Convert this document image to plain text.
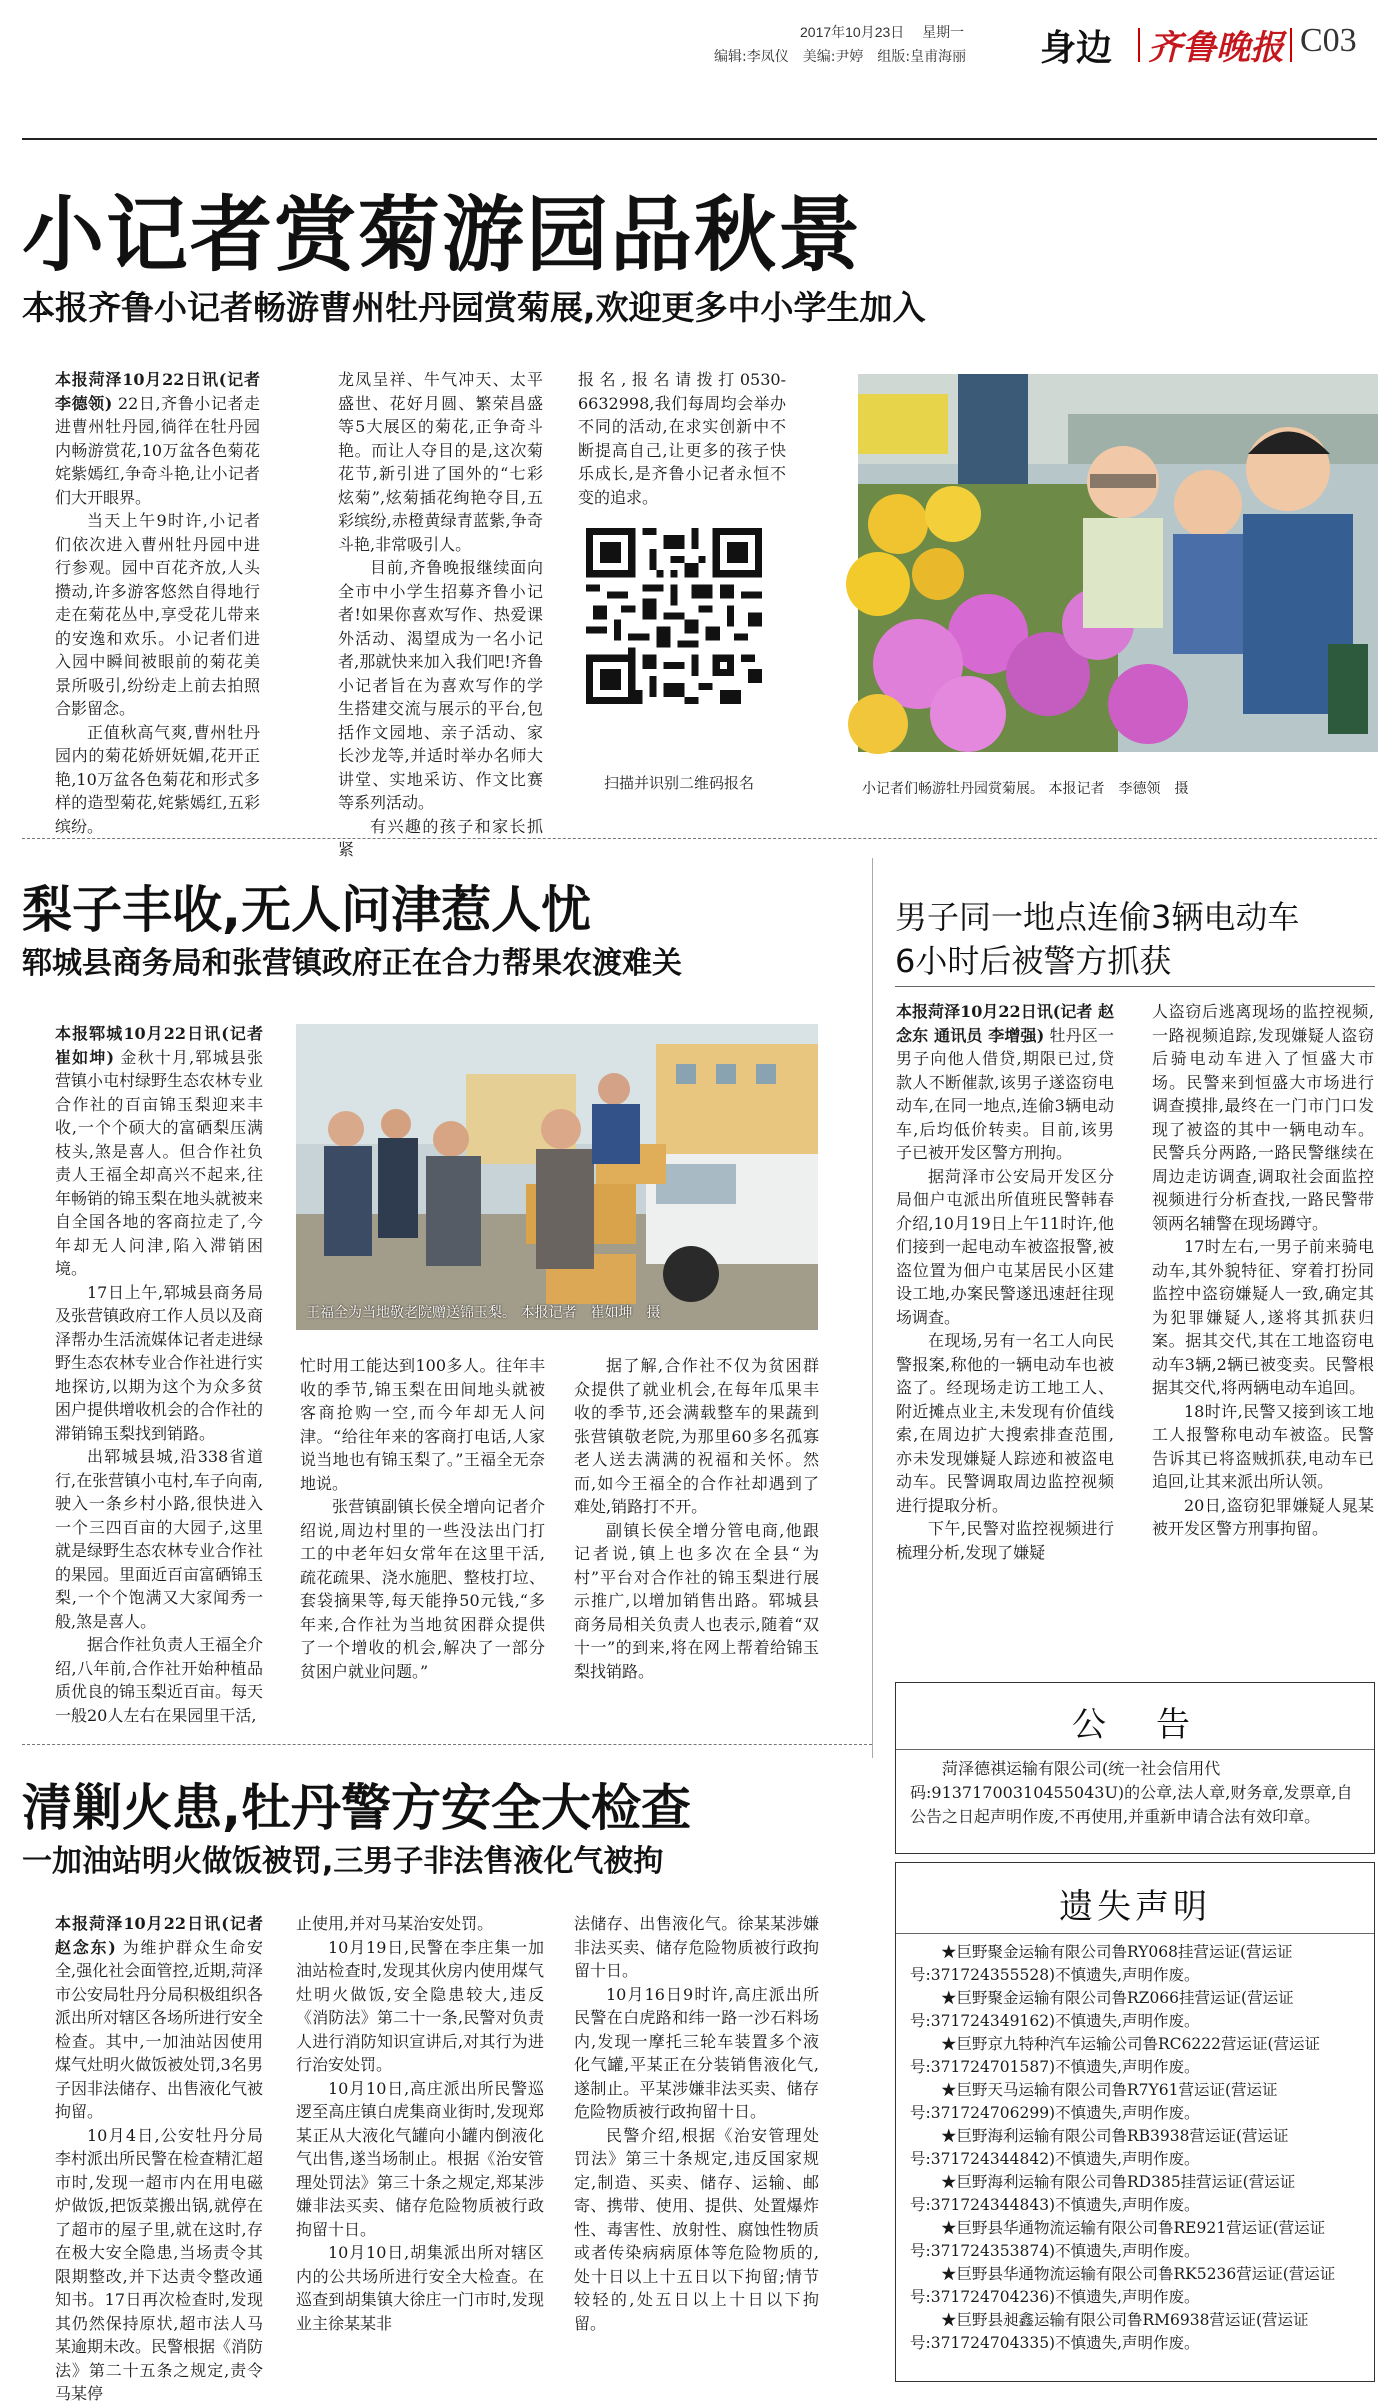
2017年10月23日 星期一
编辑:李凤仪　美编:尹婷　组版:皇甫海丽 身边 齐鲁晚报 C03
小记者赏菊游园品秋景
本报齐鲁小记者畅游曹州牡丹园赏菊展,欢迎更多中小学生加入

本报菏泽10月22日讯(记者 李德领) 22日,齐鲁小记者走进曹州牡丹园,徜徉在牡丹园内畅游赏花,10万盆各色菊花姹紫嫣红,争奇斗艳,让小记者们大开眼界。

当天上午9时许,小记者们依次进入曹州牡丹园中进行参观。园中百花齐放,人头攒动,许多游客悠然自得地行走在菊花丛中,享受花儿带来的安逸和欢乐。小记者们进入园中瞬间被眼前的菊花美景所吸引,纷纷走上前去拍照合影留念。

正值秋高气爽,曹州牡丹园内的菊花娇妍妩媚,花开正艳,10万盆各色菊花和形式多样的造型菊花,姹紫嫣红,五彩缤纷。

龙凤呈祥、牛气冲天、太平盛世、花好月圆、繁荣昌盛等5大展区的菊花,正争奇斗艳。而让人夺目的是,这次菊花节,新引进了国外的“七彩炫菊”,炫菊插花绚艳夺目,五彩缤纷,赤橙黄绿青蓝紫,争奇斗艳,非常吸引人。

目前,齐鲁晚报继续面向全市中小学生招募齐鲁小记者!如果你喜欢写作、热爱课外活动、渴望成为一名小记者,那就快来加入我们吧!齐鲁小记者旨在为喜欢写作的学生搭建交流与展示的平台,包括作文园地、亲子活动、家长沙龙等,并适时举办名师大讲堂、实地采访、作文比赛等系列活动。

有兴趣的孩子和家长抓紧

报名,报名请拨打0530-6632998,我们每周均会举办不同的活动,在求实创新中不断提高自己,让更多的孩子快乐成长,是齐鲁小记者永恒不变的追求。

扫描并识别二维码报名	小记者们畅游牡丹园赏菊展。 本报记者　李德领　摄
梨子丰收,无人问津惹人忧
郓城县商务局和张营镇政府正在合力帮果农渡难关

本报郓城10月22日讯(记者 崔如坤) 金秋十月,郓城县张营镇小屯村绿野生态农林专业合作社的百亩锦玉梨迎来丰收,一个个硕大的富硒梨压满枝头,煞是喜人。但合作社负责人王福全却高兴不起来,往年畅销的锦玉梨在地头就被来自全国各地的客商拉走了,今年却无人问津,陷入滞销困境。

17日上午,郓城县商务局及张营镇政府工作人员以及商泽帮办生活流媒体记者走进绿野生态农林专业合作社进行实地探访,以期为这个为众多贫困户提供增收机会的合作社的滞销锦玉梨找到销路。

出郓城县城,沿338省道行,在张营镇小屯村,车子向南,驶入一条乡村小路,很快进入一个三四百亩的大园子,这里就是绿野生态农林专业合作社的果园。里面近百亩富硒锦玉梨,一个个饱满又大家闻秀一般,煞是喜人。

据合作社负责人王福全介绍,八年前,合作社开始种植品质优良的锦玉梨近百亩。每天一般20人左右在果园里干活,

王福全为当地敬老院赠送锦玉梨。 本报记者　崔如坤　摄

忙时用工能达到100多人。往年丰收的季节,锦玉梨在田间地头就被客商抢购一空,而今年却无人问津。“给往年来的客商打电话,人家说当地也有锦玉梨了。”王福全无奈地说。

张营镇副镇长侯全增向记者介绍说,周边村里的一些没法出门打工的中老年妇女常年在这里干活,疏花疏果、浇水施肥、整枝打垃、套袋摘果等,每天能挣50元钱,“多年来,合作社为当地贫困群众提供了一个增收的机会,解决了一部分贫困户就业问题。”

据了解,合作社不仅为贫困群众提供了就业机会,在每年瓜果丰收的季节,还会满载整车的果蔬到张营镇敬老院,为那里60多名孤寡老人送去满满的祝福和关怀。然而,如今王福全的合作社却遇到了难处,销路打不开。

副镇长侯全增分管电商,他跟记者说,镇上也多次在全县“为村”平台对合作社的锦玉梨进行展示推广,以增加销售出路。郓城县商务局相关负责人也表示,随着“双十一”的到来,将在网上帮着给锦玉梨找销路。

男子同一地点连偷3辆电动车
6小时后被警方抓获

本报菏泽10月22日讯(记者 赵念东 通讯员 李增强) 牡丹区一男子向他人借贷,期限已过,贷款人不断催款,该男子遂盗窃电动车,在同一地点,连偷3辆电动车,后均低价转卖。目前,该男子已被开发区警方刑拘。

据菏泽市公安局开发区分局佃户屯派出所值班民警韩春介绍,10月19日上午11时许,他们接到一起电动车被盗报警,被盗位置为佃户屯某居民小区建设工地,办案民警遂迅速赶往现场调查。

在现场,另有一名工人向民警报案,称他的一辆电动车也被盗了。经现场走访工地工人、附近摊点业主,未发现有价值线索,在周边扩大搜索排查范围,亦未发现嫌疑人踪迹和被盗电动车。民警调取周边监控视频进行提取分析。

下午,民警对监控视频进行梳理分析,发现了嫌疑

人盗窃后逃离现场的监控视频,一路视频追踪,发现嫌疑人盗窃后骑电动车进入了恒盛大市场。民警来到恒盛大市场进行调查摸排,最终在一门市门口发现了被盗的其中一辆电动车。民警兵分两路,一路民警继续在周边走访调查,调取社会面监控视频进行分析查找,一路民警带领两名辅警在现场蹲守。

17时左右,一男子前来骑电动车,其外貌特征、穿着打扮同监控中盗窃嫌疑人一致,确定其为犯罪嫌疑人,遂将其抓获归案。据其交代,其在工地盗窃电动车3辆,2辆已被变卖。民警根据其交代,将两辆电动车追回。

18时许,民警又接到该工地工人报警称电动车被盗。民警告诉其已将盗贼抓获,电动车已追回,让其来派出所认领。

20日,盗窃犯罪嫌疑人晁某被开发区警方刑事拘留。

公　告
菏泽德祺运输有限公司(统一社会信用代码:91371700310455043U)的公章,法人章,财务章,发票章,自公告之日起声明作废,不再使用,并重新申请合法有效印章。
遗失声明
★巨野聚金运输有限公司鲁RY068挂营运证(营运证号:371724355528)不慎遗失,声明作废。
★巨野聚金运输有限公司鲁RZ066挂营运证(营运证号:371724349162)不慎遗失,声明作废。
★巨野京九特种汽车运输公司鲁RC6222营运证(营运证号:371724701587)不慎遗失,声明作废。
★巨野天马运输有限公司鲁R7Y61营运证(营运证号:371724706299)不慎遗失,声明作废。
★巨野海利运输有限公司鲁RB3938营运证(营运证号:371724344842)不慎遗失,声明作废。
★巨野海利运输有限公司鲁RD385挂营运证(营运证号:371724344843)不慎遗失,声明作废。
★巨野县华通物流运输有限公司鲁RE921营运证(营运证号:371724353874)不慎遗失,声明作废。
★巨野县华通物流运输有限公司鲁RK5236营运证(营运证号:371724704236)不慎遗失,声明作废。
★巨野县昶鑫运输有限公司鲁RM6938营运证(营运证号:371724704335)不慎遗失,声明作废。
清剿火患,牡丹警方安全大检查
一加油站明火做饭被罚,三男子非法售液化气被拘

本报菏泽10月22日讯(记者 赵念东) 为维护群众生命安全,强化社会面管控,近期,菏泽市公安局牡丹分局积极组织各派出所对辖区各场所进行安全检查。其中,一加油站因使用煤气灶明火做饭被处罚,3名男子因非法储存、出售液化气被拘留。

10月4日,公安牡丹分局李村派出所民警在检查精汇超市时,发现一超市内在用电磁炉做饭,把饭菜搬出锅,就停在了超市的屋子里,就在这时,存在极大安全隐患,当场责令其限期整改,并下达责令整改通知书。17日再次检查时,发现其仍然保持原状,超市法人马某逾期未改。民警根据《消防法》第二十五条之规定,责令马某停

止使用,并对马某治安处罚。

10月19日,民警在李庄集一加油站检查时,发现其伙房内使用煤气灶明火做饭,安全隐患较大,违反《消防法》第二十一条,民警对负责人进行消防知识宣讲后,对其行为进行治安处罚。

10月10日,高庄派出所民警巡逻至高庄镇白虎集商业街时,发现郑某正从大液化气罐向小罐内倒液化气出售,遂当场制止。根据《治安管理处罚法》第三十条之规定,郑某涉嫌非法买卖、储存危险物质被行政拘留十日。

10月10日,胡集派出所对辖区内的公共场所进行安全大检查。在巡查到胡集镇大徐庄一门市时,发现业主徐某某非

法储存、出售液化气。徐某某涉嫌非法买卖、储存危险物质被行政拘留十日。

10月16日9时许,高庄派出所民警在白虎路和纬一路一沙石料场内,发现一摩托三轮车装置多个液化气罐,平某正在分装销售液化气,遂制止。平某涉嫌非法买卖、储存危险物质被行政拘留十日。

民警介绍,根据《治安管理处罚法》第三十条规定,违反国家规定,制造、买卖、储存、运输、邮寄、携带、使用、提供、处置爆炸性、毒害性、放射性、腐蚀性物质或者传染病病原体等危险物质的,处十日以上十五日以下拘留;情节较轻的,处五日以上十日以下拘留。
